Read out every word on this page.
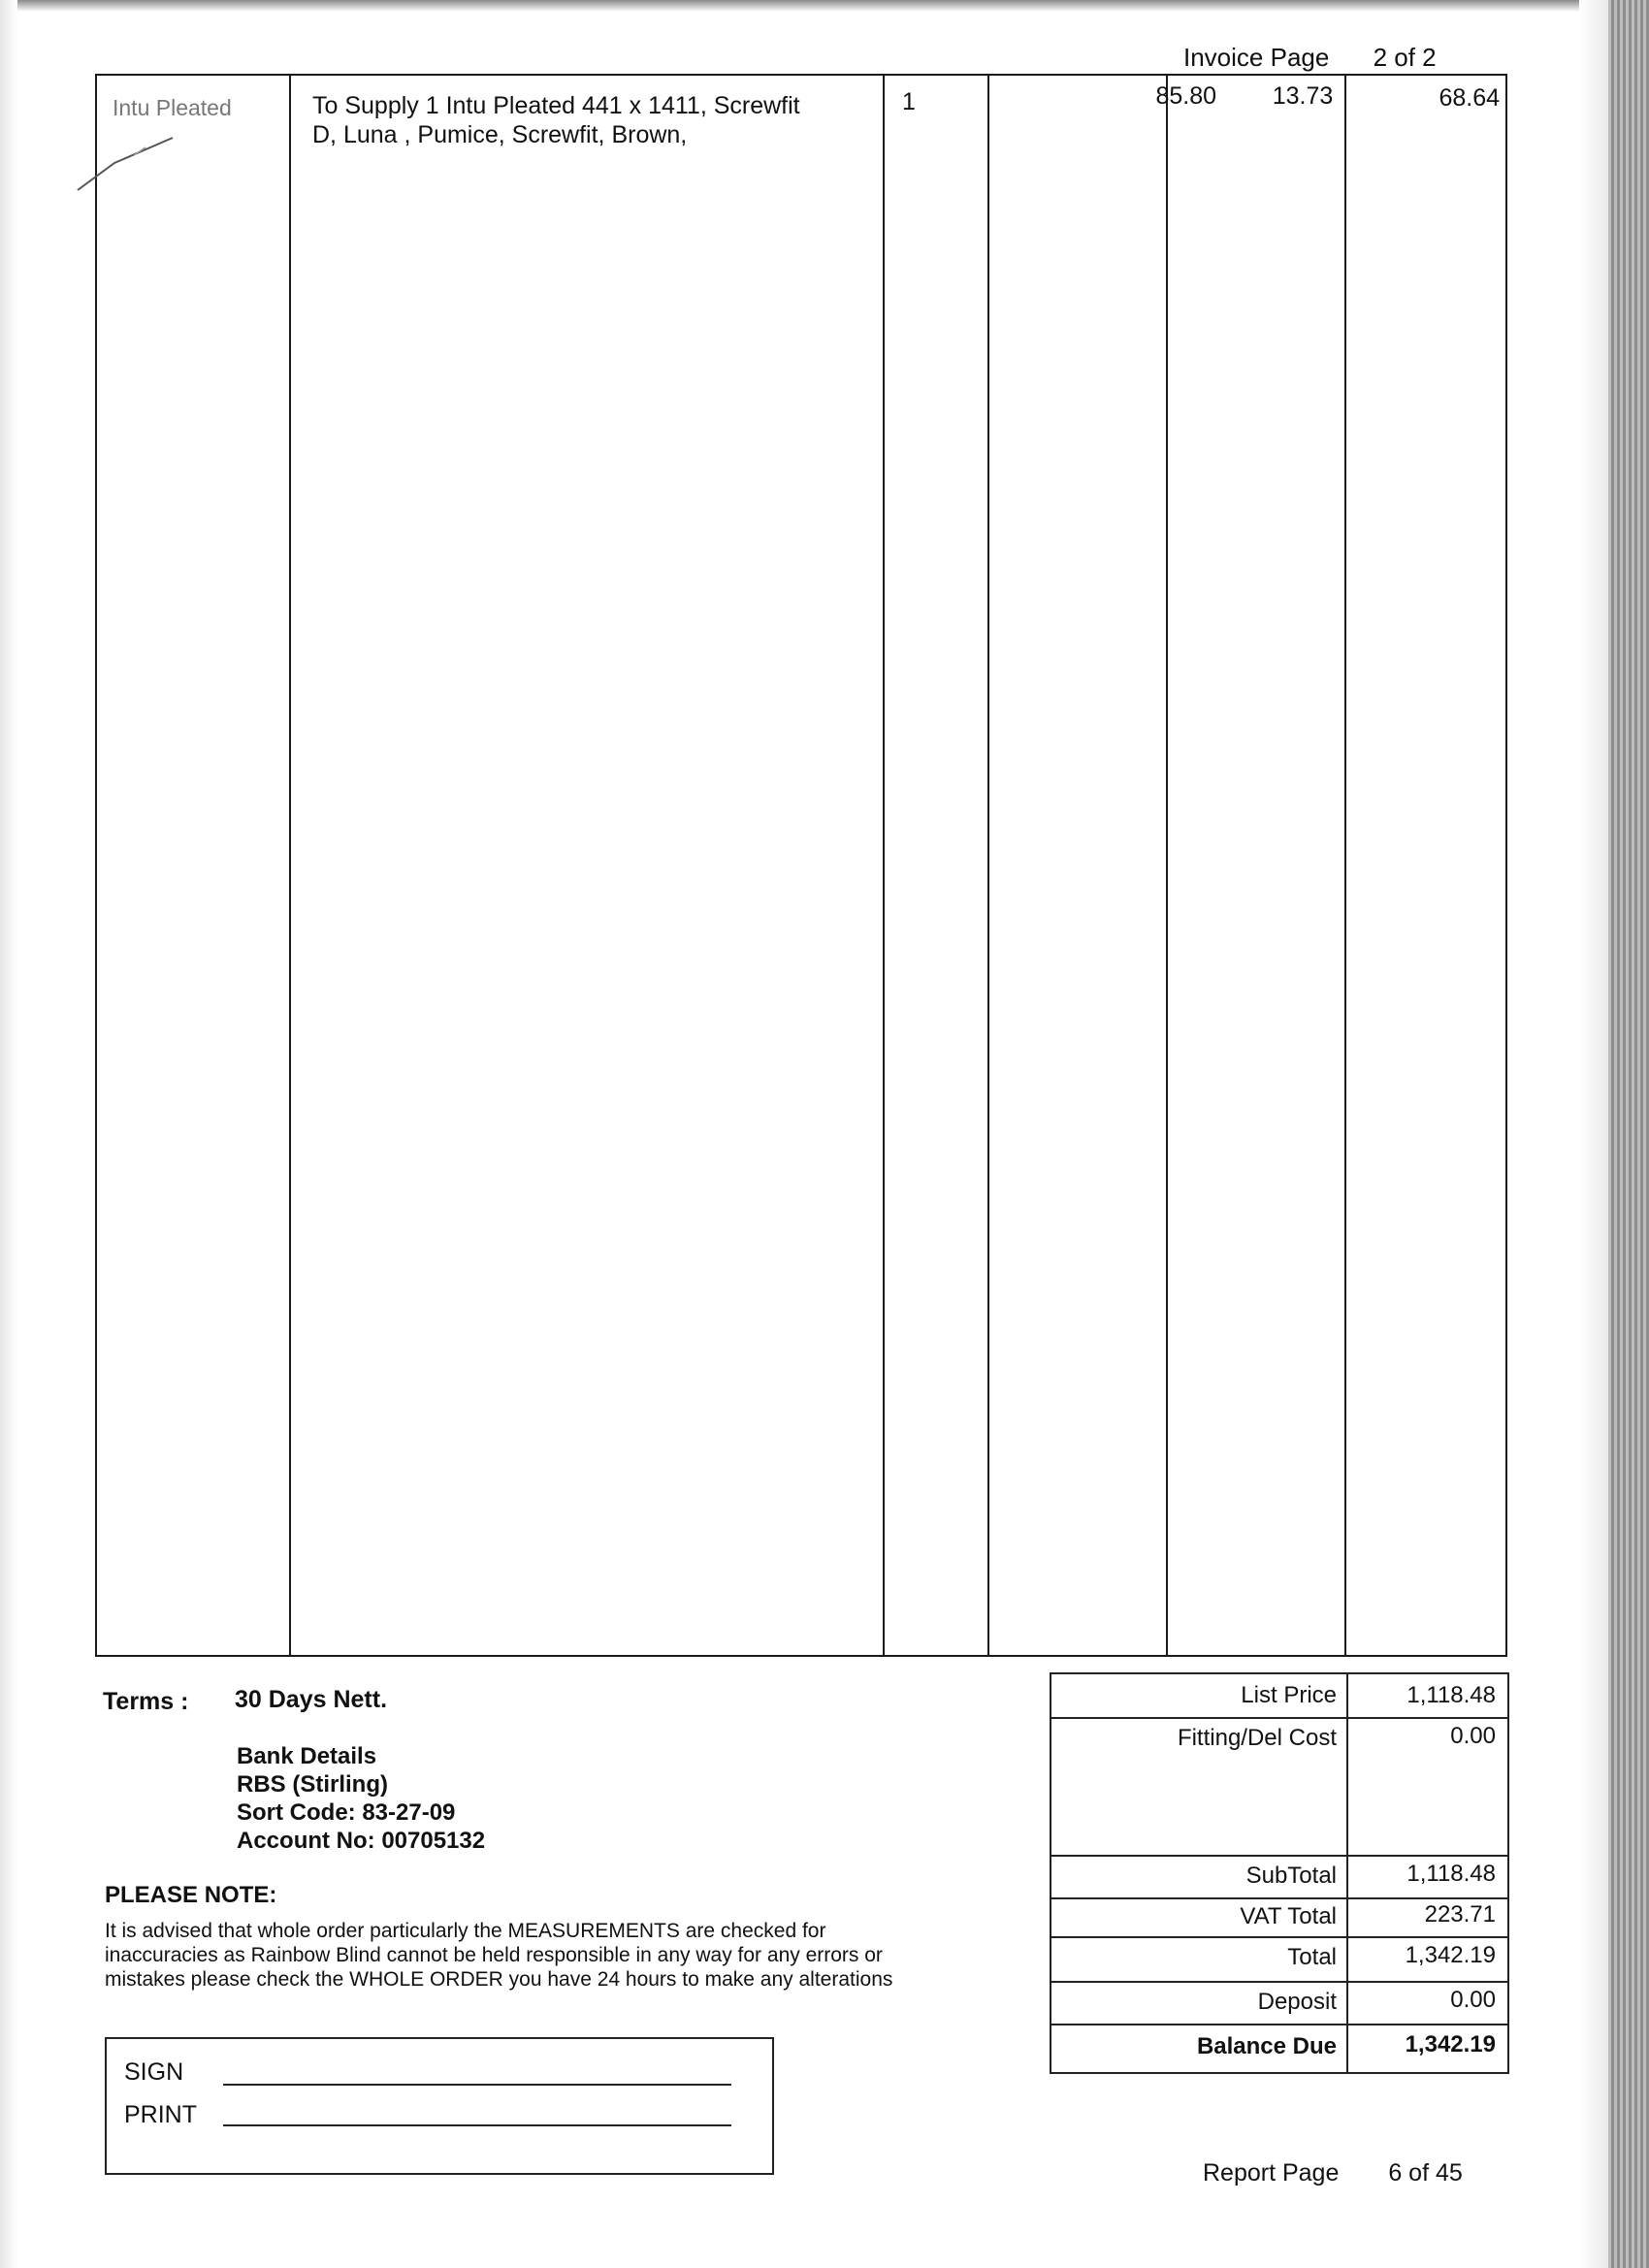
Invoice Page 2 of 2
Intu Pleated	To Supply 1 Intu Pleated 441 x 1411, Screwfit
D, Luna , Pumice, Screwfit, Brown,
1	85.80	13.73	68.64
Terms : 30 Days Nett.
Bank Details
RBS (Stirling)
Sort Code: 83-27-09
Account No: 00705132
PLEASE NOTE:
It is advised that whole order particularly the MEASUREMENTS are checked for
inaccuracies as Rainbow Blind cannot be held responsible in any way for any errors or
mistakes please check the WHOLE ORDER you have 24 hours to make any alterations
SIGN
PRINT
List Price	1,118.48
Fitting/Del Cost	0.00
SubTotal	1,118.48
VAT Total	223.71
Total	1,342.19
Deposit	0.00
Balance Due	1,342.19
Report Page 6 of 45
